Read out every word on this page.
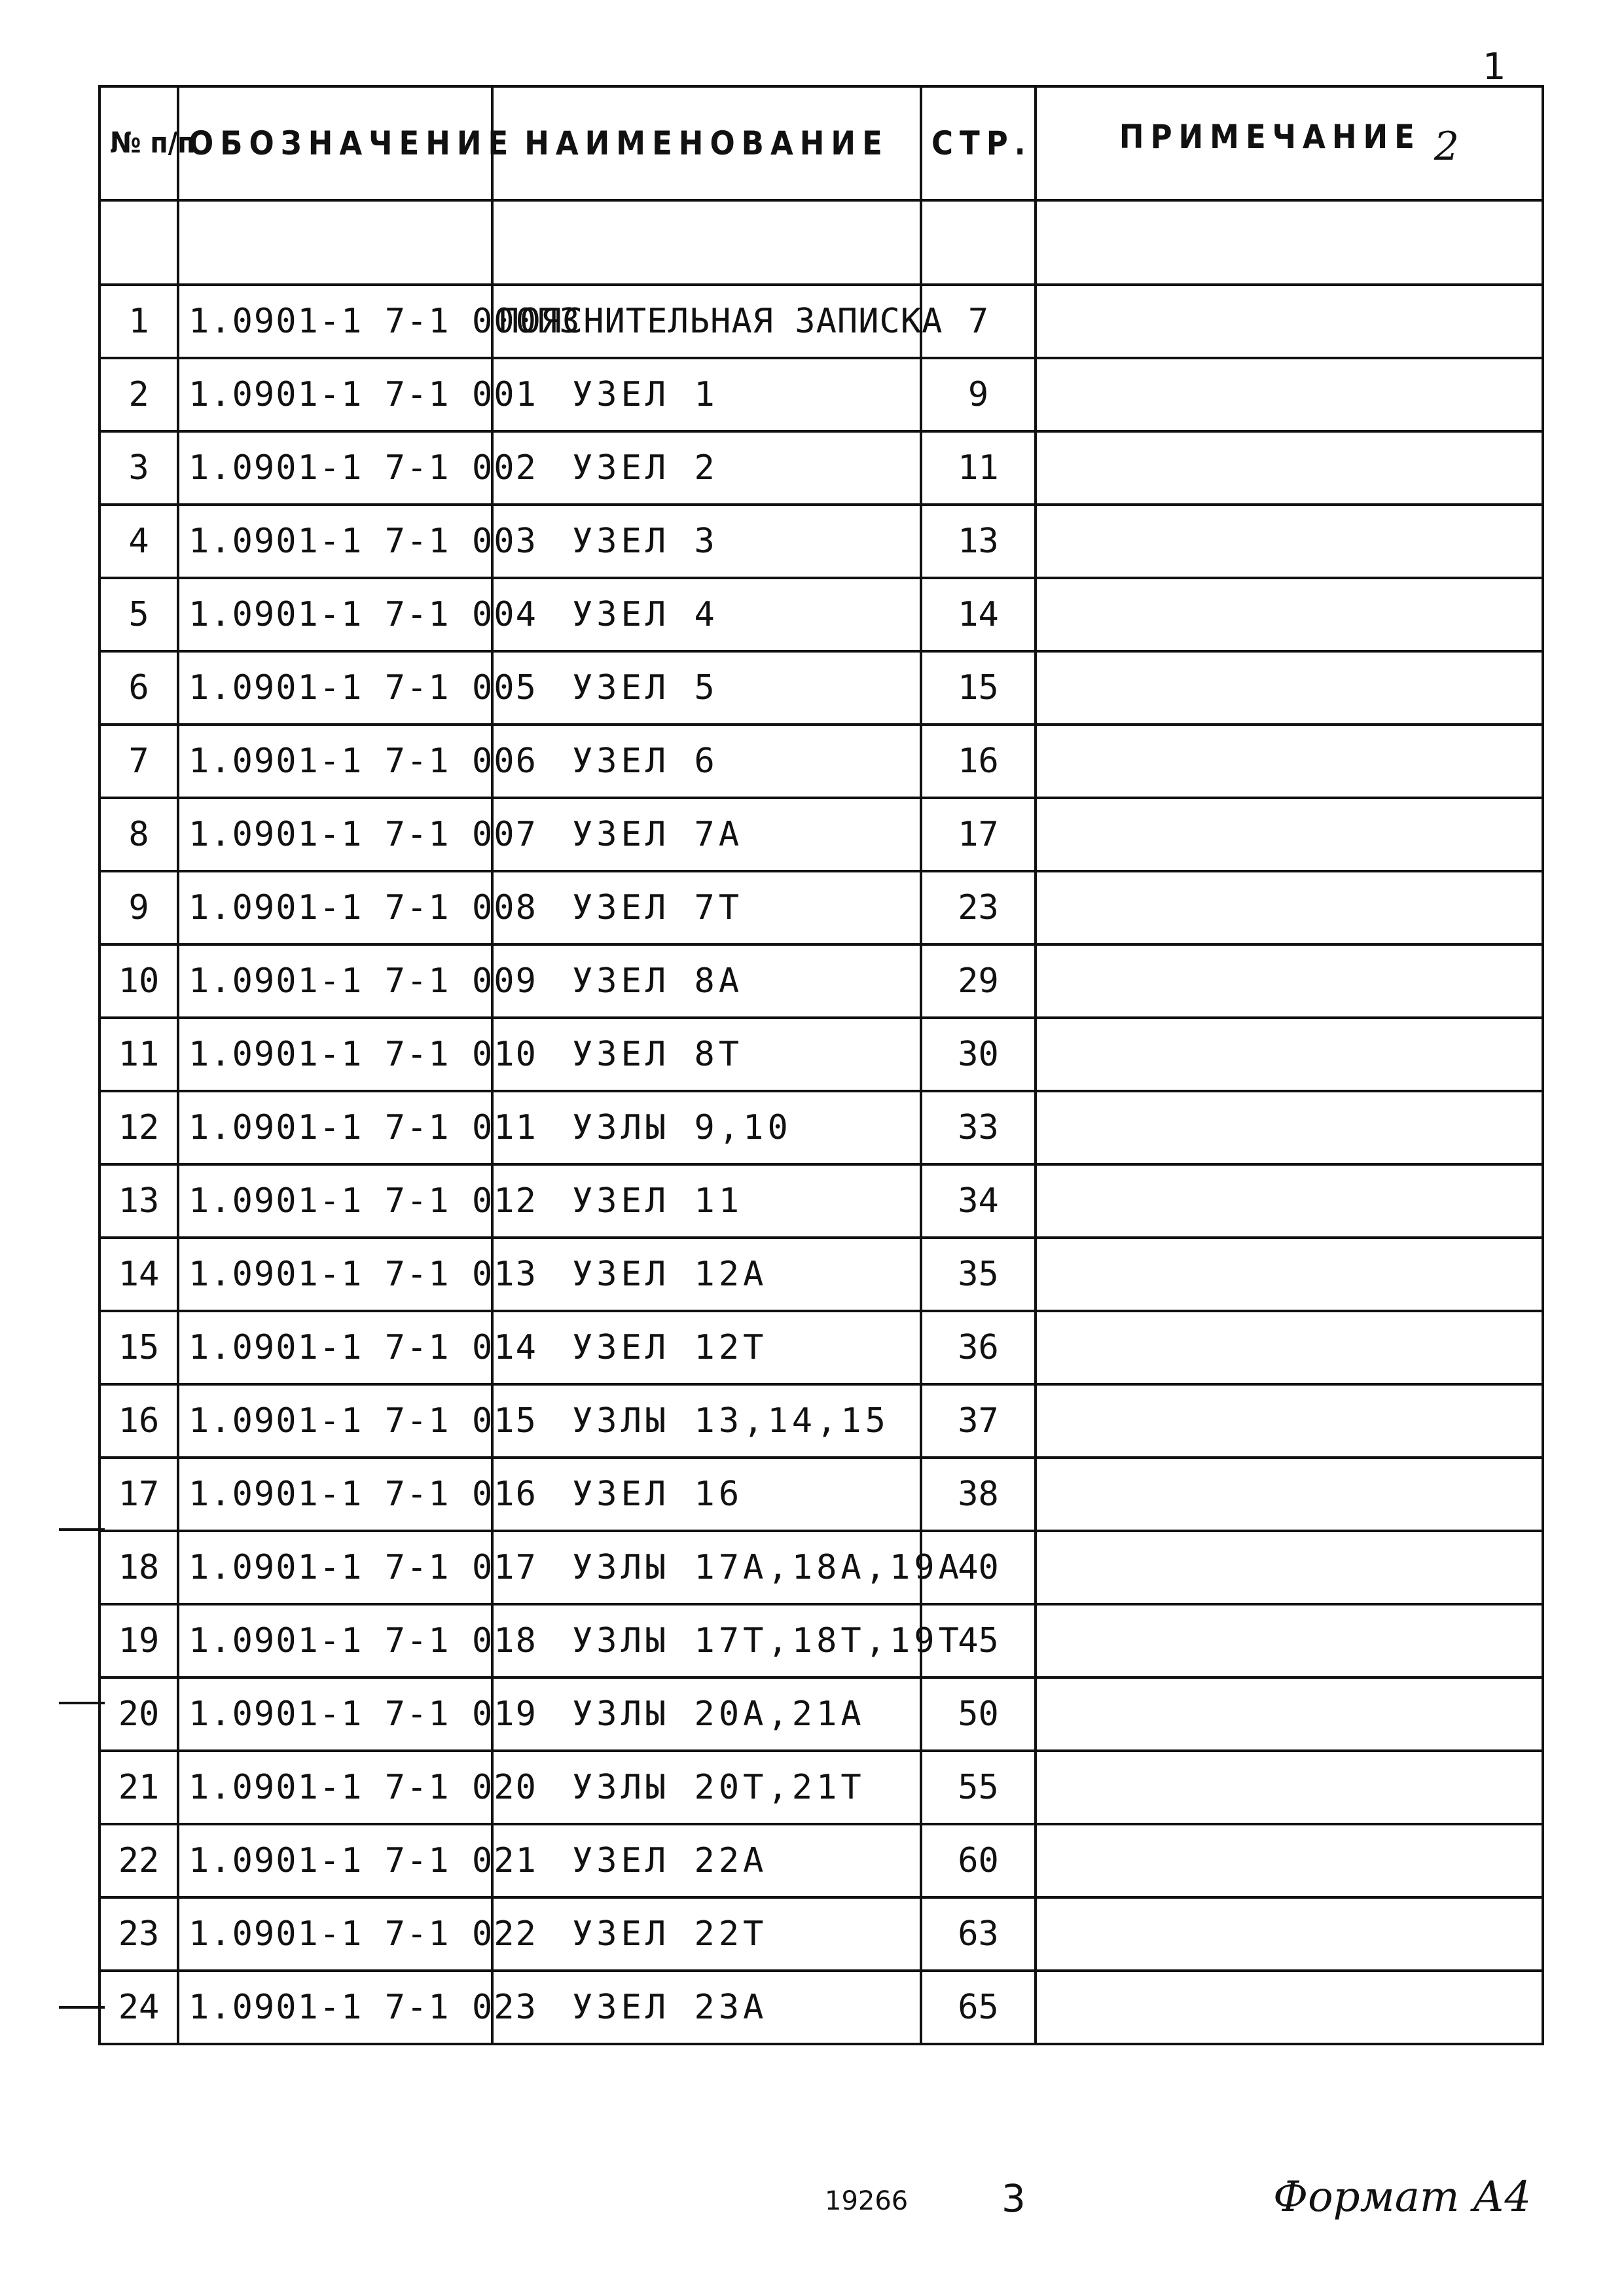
1
№ п/п	ОБОЗНАЧЕНИЕ	НАИМЕНОВАНИЕ	СТР.	ПРИМЕЧАНИЕ 2

1	1.0901-1 7-1 000ПЗ	ПОЯСНИТЕЛЬНАЯ ЗАПИСКА	7	
2	1.0901-1 7-1 001	УЗЕЛ 1	9	
3	1.0901-1 7-1 002	УЗЕЛ 2	11	
4	1.0901-1 7-1 003	УЗЕЛ 3	13	
5	1.0901-1 7-1 004	УЗЕЛ 4	14	
6	1.0901-1 7-1 005	УЗЕЛ 5	15	
7	1.0901-1 7-1 006	УЗЕЛ 6	16	
8	1.0901-1 7-1 007	УЗЕЛ 7А	17	
9	1.0901-1 7-1 008	УЗЕЛ 7Т	23	
10	1.0901-1 7-1 009	УЗЕЛ 8А	29	
11	1.0901-1 7-1 010	УЗЕЛ 8Т	30	
12	1.0901-1 7-1 011	УЗЛЫ 9,10	33	
13	1.0901-1 7-1 012	УЗЕЛ 11	34	
14	1.0901-1 7-1 013	УЗЕЛ 12А	35	
15	1.0901-1 7-1 014	УЗЕЛ 12Т	36	
16	1.0901-1 7-1 015	УЗЛЫ 13,14,15	37	
17	1.0901-1 7-1 016	УЗЕЛ 16	38	
18	1.0901-1 7-1 017	УЗЛЫ 17А,18А,19А	40	
19	1.0901-1 7-1 018	УЗЛЫ 17Т,18Т,19Т	45	
20	1.0901-1 7-1 019	УЗЛЫ 20А,21А	50	
21	1.0901-1 7-1 020	УЗЛЫ 20Т,21Т	55	
22	1.0901-1 7-1 021	УЗЕЛ 22А	60	
23	1.0901-1 7-1 022	УЗЕЛ 22Т	63	
24	1.0901-1 7-1 023	УЗЕЛ 23А	65	
19266 3	Формат А4
